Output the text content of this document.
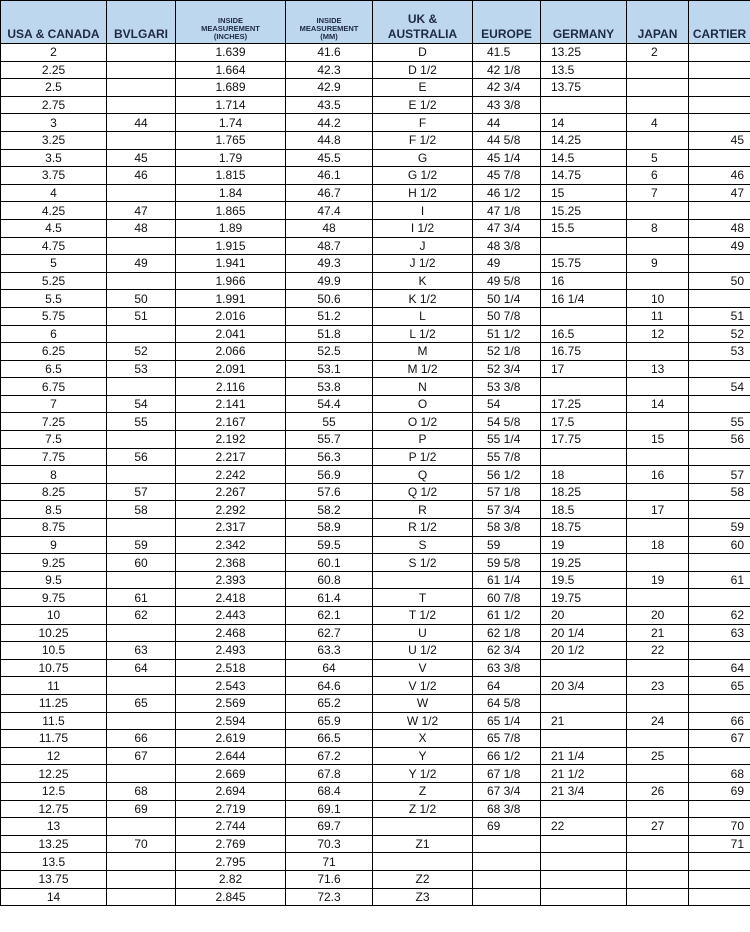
USA & CANADA	BVLGARI	INSIDE
MEASUREMENT
(INCHES)	INSIDE
MEASUREMENT
(MM)	UK &
AUSTRALIA	EUROPE	GERMANY	JAPAN	CARTIER

2		1.639	41.6	D	41.5	13.25	2	
2.25		1.664	42.3	D 1/2	42 1/8	13.5		
2.5		1.689	42.9	E	42 3/4	13.75		
2.75		1.714	43.5	E 1/2	43 3/8			
3	44	1.74	44.2	F	44	14	4	
3.25		1.765	44.8	F 1/2	44 5/8	14.25		45
3.5	45	1.79	45.5	G	45 1/4	14.5	5	
3.75	46	1.815	46.1	G 1/2	45 7/8	14.75	6	46
4		1.84	46.7	H 1/2	46 1/2	15	7	47
4.25	47	1.865	47.4	I	47 1/8	15.25		
4.5	48	1.89	48	I 1/2	47 3/4	15.5	8	48
4.75		1.915	48.7	J	48 3/8			49
5	49	1.941	49.3	J 1/2	49	15.75	9	
5.25		1.966	49.9	K	49 5/8	16		50
5.5	50	1.991	50.6	K 1/2	50 1/4	16 1/4	10	
5.75	51	2.016	51.2	L	50 7/8		11	51
6		2.041	51.8	L 1/2	51 1/2	16.5	12	52
6.25	52	2.066	52.5	M	52 1/8	16.75		53
6.5	53	2.091	53.1	M 1/2	52 3/4	17	13	
6.75		2.116	53.8	N	53 3/8			54
7	54	2.141	54.4	O	54	17.25	14	
7.25	55	2.167	55	O 1/2	54 5/8	17.5		55
7.5		2.192	55.7	P	55 1/4	17.75	15	56
7.75	56	2.217	56.3	P 1/2	55 7/8			
8		2.242	56.9	Q	56 1/2	18	16	57
8.25	57	2.267	57.6	Q 1/2	57 1/8	18.25		58
8.5	58	2.292	58.2	R	57 3/4	18.5	17	
8.75		2.317	58.9	R 1/2	58 3/8	18.75		59
9	59	2.342	59.5	S	59	19	18	60
9.25	60	2.368	60.1	S 1/2	59 5/8	19.25		
9.5		2.393	60.8		61 1/4	19.5	19	61
9.75	61	2.418	61.4	T	60 7/8	19.75		
10	62	2.443	62.1	T 1/2	61 1/2	20	20	62
10.25		2.468	62.7	U	62 1/8	20 1/4	21	63
10.5	63	2.493	63.3	U 1/2	62 3/4	20 1/2	22	
10.75	64	2.518	64	V	63 3/8			64
11		2.543	64.6	V 1/2	64	20 3/4	23	65
11.25	65	2.569	65.2	W	64 5/8			
11.5		2.594	65.9	W 1/2	65 1/4	21	24	66
11.75	66	2.619	66.5	X	65 7/8			67
12	67	2.644	67.2	Y	66 1/2	21 1/4	25	
12.25		2.669	67.8	Y 1/2	67 1/8	21 1/2		68
12.5	68	2.694	68.4	Z	67 3/4	21 3/4	26	69
12.75	69	2.719	69.1	Z 1/2	68 3/8			
13		2.744	69.7		69	22	27	70
13.25	70	2.769	70.3	Z1				71
13.5		2.795	71					
13.75		2.82	71.6	Z2				
14		2.845	72.3	Z3				
